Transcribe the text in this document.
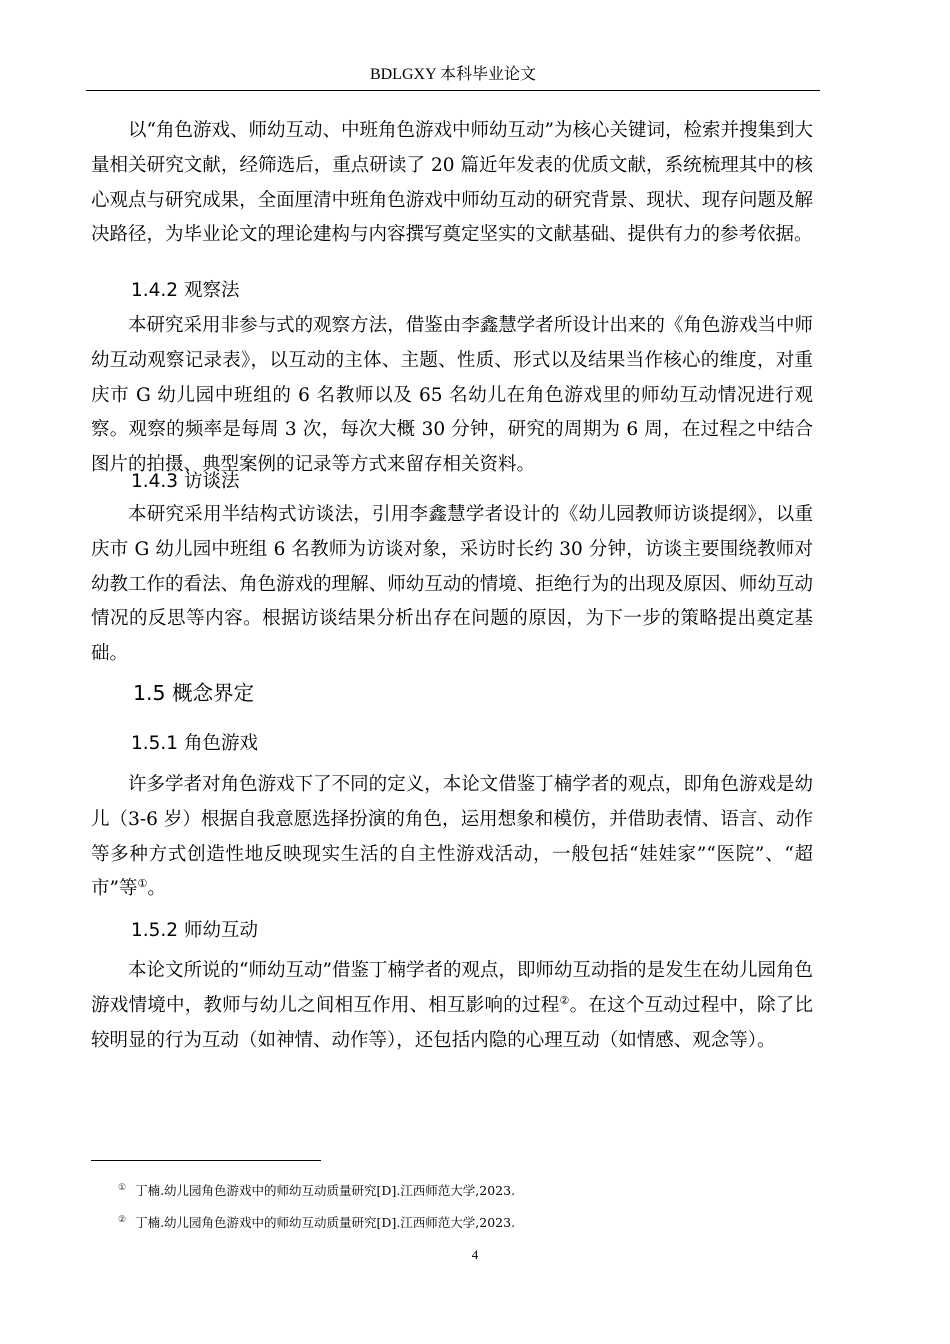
BDLGXY 本科毕业论文

以“角色游戏、师幼互动、中班角色游戏中师幼互动”为核心关键词，检索并搜集到大量相关研究文献，经筛选后，重点研读了 20 篇近年发表的优质文献，系统梳理其中的核心观点与研究成果，全面厘清中班角色游戏中师幼互动的研究背景、现状、现存问题及解决路径，为毕业论文的理论建构与内容撰写奠定坚实的文献基础、提供有力的参考依据。

1.4.2 观察法

本研究采用非参与式的观察方法，借鉴由李鑫慧学者所设计出来的《角色游戏当中师幼互动观察记录表》，以互动的主体、主题、性质、形式以及结果当作核心的维度，对重庆市 G 幼儿园中班组的 6 名教师以及 65 名幼儿在角色游戏里的师幼互动情况进行观察。观察的频率是每周 3 次，每次大概 30 分钟，研究的周期为 6 周，在过程之中结合图片的拍摄、典型案例的记录等方式来留存相关资料。

1.4.3 访谈法

本研究采用半结构式访谈法，引用李鑫慧学者设计的《幼儿园教师访谈提纲》，以重庆市 G 幼儿园中班组 6 名教师为访谈对象，采访时长约 30 分钟，访谈主要围绕教师对幼教工作的看法、角色游戏的理解、师幼互动的情境、拒绝行为的出现及原因、师幼互动情况的反思等内容。根据访谈结果分析出存在问题的原因，为下一步的策略提出奠定基础。

1.5 概念界定
1.5.1 角色游戏

许多学者对角色游戏下了不同的定义，本论文借鉴丁楠学者的观点，即角色游戏是幼儿（3-6 岁）根据自我意愿选择扮演的角色，运用想象和模仿，并借助表情、语言、动作等多种方式创造性地反映现实生活的自主性游戏活动，一般包括“娃娃家”“医院”、“超市”等①。

1.5.2 师幼互动

本论文所说的“师幼互动”借鉴丁楠学者的观点，即师幼互动指的是发生在幼儿园角色游戏情境中，教师与幼儿之间相互作用、相互影响的过程②。在这个互动过程中，除了比较明显的行为互动（如神情、动作等），还包括内隐的心理互动（如情感、观念等）。

① 丁楠.幼儿园角色游戏中的师幼互动质量研究[D].江西师范大学,2023.
② 丁楠.幼儿园角色游戏中的师幼互动质量研究[D].江西师范大学,2023.
4
